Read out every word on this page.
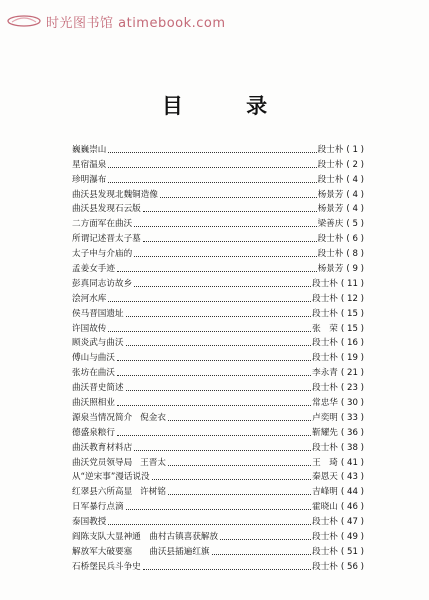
时光图书馆 atimebook.com
目 录
巍巍崇山	段士朴 ( 1 )
星宿温泉	段士朴 ( 2 )
珍明瀑布	段士朴 ( 4 )
曲沃县发现北魏铜造像	杨景芳 ( 4 )
曲沃县发现石云版	杨景芳 ( 4 )
二方面军在曲沃	梁善庆 ( 5 )
所谓记述晋太子墓	段士朴 ( 6 )
太子申与介庙的	段士朴 ( 8 )
孟姜女手迹	杨景芳 ( 9 )
彭真同志访故乡	段士朴 ( 11 )
浍河水库	段士朴 ( 12 )
侯马晋国遗址	段士朴 ( 15 )
许国故传	张　荣 ( 15 )
顾炎武与曲沃	段士朴 ( 16 )
傅山与曲沃	段士朴 ( 19 )
张坊在曲沃	李永青 ( 21 )
曲沃晋史简述	段士朴 ( 23 )
曲沃照相业	常忠华 ( 30 )
源泉当情况简介 倪金衣	卢奕明 ( 33 )
德盛泉粮行	靳耀先 ( 36 )
曲沃教育材料店	段士朴 ( 38 )
曲沃党员领导局 王晋太	王　琦 ( 41 )
从“逆宋事”漫话说没	秦恩天 ( 43 )
红翠县六所高显 许树铭	吉峰明 ( 44 )
日军暴行点滴	霍晓山 ( 46 )
泰国教授	段士朴 ( 47 )
阎陈支队大显神通　曲村古镇喜获解放	段士朴 ( 49 )
解放军大破要塞　　曲沃县插遍红旗	段士朴 ( 51 )
石桥堡民兵斗争史	段士朴 ( 56 )
